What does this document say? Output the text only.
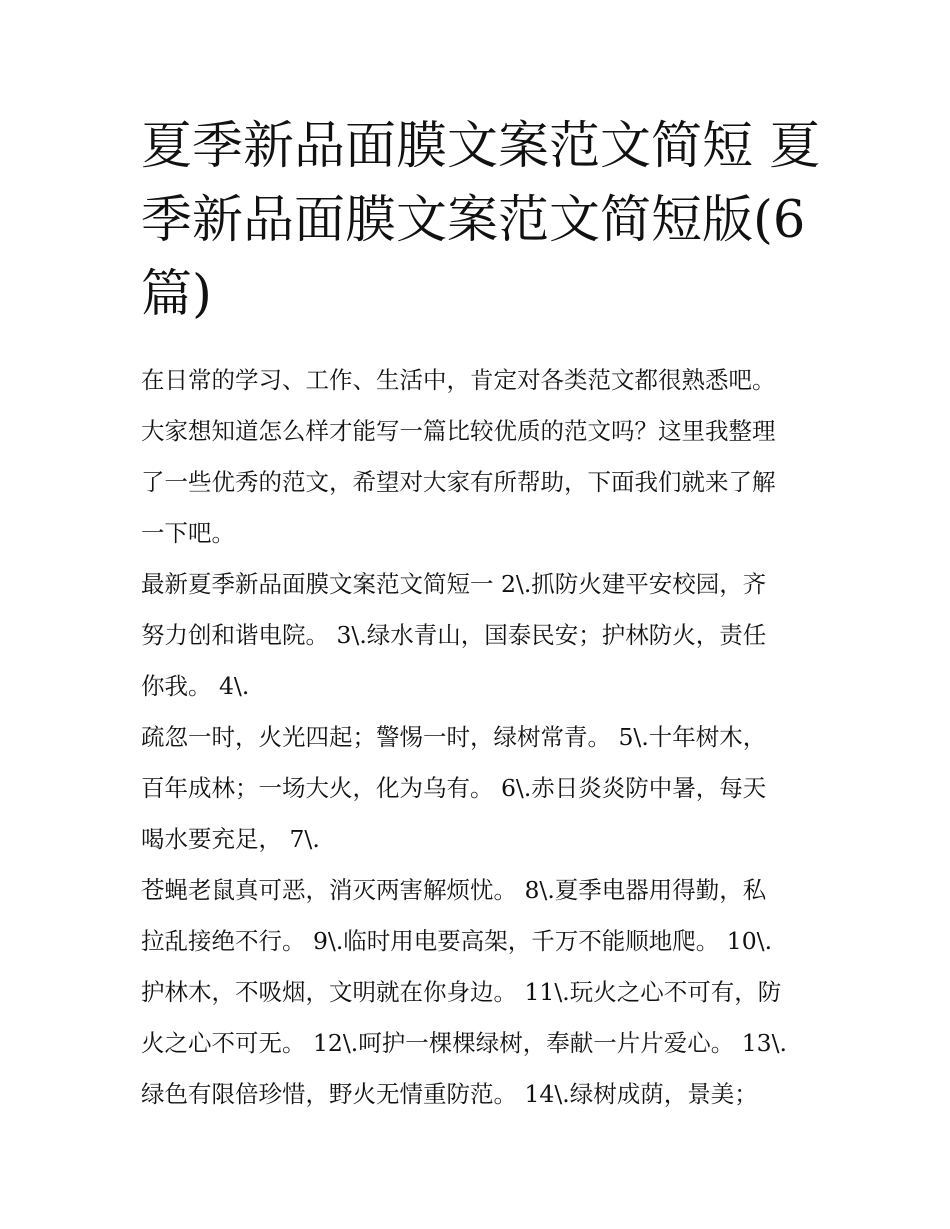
夏季新品面膜文案范文简短 夏
季新品面膜文案范文简短版(6
篇)

在日常的学习、工作、生活中，肯定对各类范文都很熟悉吧。
大家想知道怎么样才能写一篇比较优质的范文吗？这里我整理
了一些优秀的范文，希望对大家有所帮助，下面我们就来了解
一下吧。

最新夏季新品面膜文案范文简短一 2\.抓防火建平安校园，齐
努力创和谐电院。 3\.绿水青山，国泰民安；护林防火，责任
你我。 4\.

疏忽一时，火光四起；警惕一时，绿树常青。 5\.十年树木，
百年成林；一场大火，化为乌有。 6\.赤日炎炎防中暑，每天
喝水要充足， 7\.

苍蝇老鼠真可恶，消灭两害解烦忧。 8\.夏季电器用得勤，私
拉乱接绝不行。 9\.临时用电要高架，千万不能顺地爬。 10\.
护林木，不吸烟，文明就在你身边。 11\.玩火之心不可有，防
火之心不可无。 12\.呵护一棵棵绿树，奉献一片片爱心。 13\.
绿色有限倍珍惜，野火无情重防范。 14\.绿树成荫，景美；
